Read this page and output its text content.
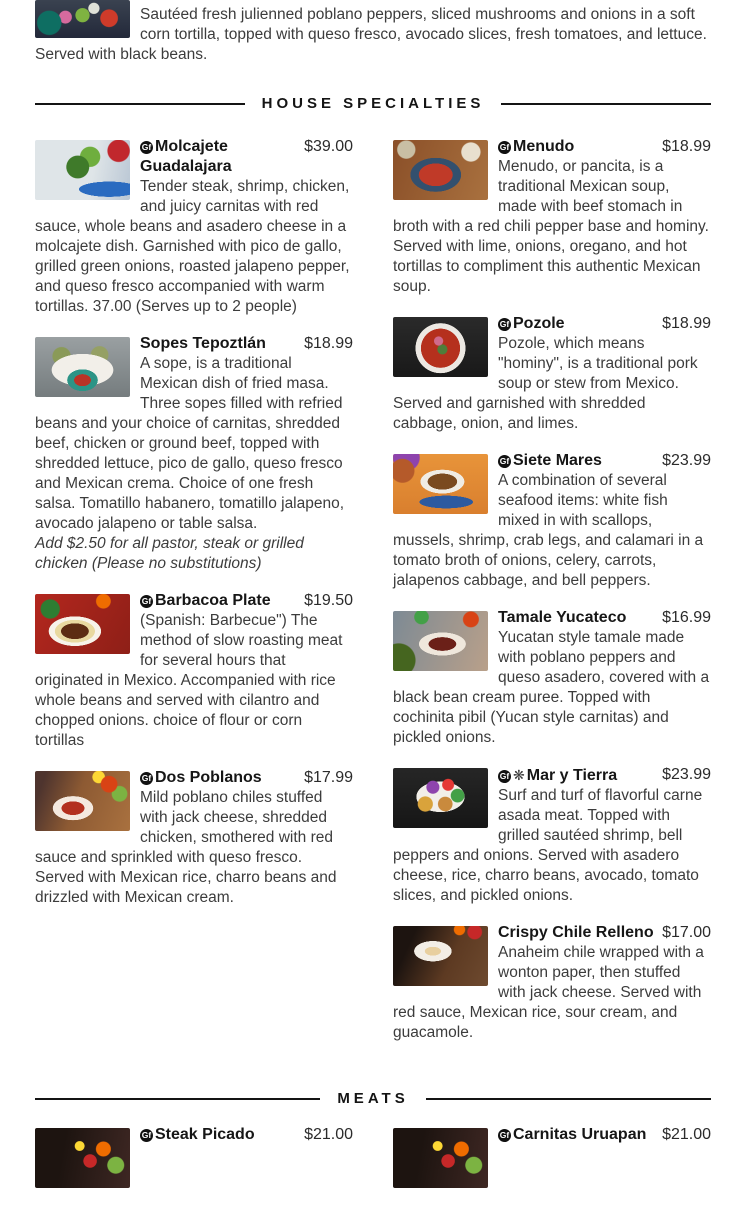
Sautéed fresh julienned poblano peppers, sliced mushrooms and onions in a soft corn tortilla, topped with queso fresco, avocado slices, fresh tomatoes, and lettuce. Served with black beans.

HOUSE SPECIALTIES
$39.00
Gf Molcajete Guadalajara

Tender steak, shrimp, chicken, and juicy carnitas with red sauce, whole beans and asadero cheese in a molcajete dish. Garnished with pico de gallo, grilled green onions, roasted jalapeno pepper, and queso fresco accompanied with warm tortillas. 37.00 (Serves up to 2 people)

$18.99
Sopes Tepoztlán

A sope, is a traditional Mexican dish of fried masa. Three sopes filled with refried beans and your choice of carnitas, shredded beef, chicken or ground beef, topped with shredded lettuce, pico de gallo, queso fresco and Mexican crema. Choice of one fresh salsa. Tomatillo habanero, tomatillo jalapeno, avocado jalapeno or table salsa.

Add $2.50 for all pastor, steak or grilled chicken (Please no substitutions)

$19.50
Gf Barbacoa Plate

(Spanish: Barbecue") The method of slow roasting meat for several hours that originated in Mexico. Accompanied with rice whole beans and served with cilantro and chopped onions. choice of flour or corn tortillas

$17.99
Gf Dos Poblanos

Mild poblano chiles stuffed with jack cheese, shredded chicken, smothered with red sauce and sprinkled with queso fresco. Served with Mexican rice, charro beans and drizzled with Mexican cream.

$18.99
Gf Menudo

Menudo, or pancita, is a traditional Mexican soup, made with beef stomach in broth with a red chili pepper base and hominy. Served with lime, onions, oregano, and hot tortillas to compliment this authentic Mexican soup.

$18.99
Gf Pozole

Pozole, which means "hominy", is a traditional pork soup or stew from Mexico. Served and garnished with shredded cabbage, onion, and limes.

$23.99
Gf Siete Mares

A combination of several seafood items: white fish mixed in with scallops, mussels, shrimp, crab legs, and calamari in a tomato broth of onions, celery, carrots, jalapenos cabbage, and bell peppers.

$16.99
Tamale Yucateco

Yucatan style tamale made with poblano peppers and queso asadero, covered with a black bean cream puree. Topped with cochinita pibil (Yucan style carnitas) and pickled onions.

$23.99
Gf ❋ Mar y Tierra

Surf and turf of flavorful carne asada meat. Topped with grilled sautéed shrimp, bell peppers and onions. Served with asadero cheese, rice, charro beans, avocado, tomato slices, and pickled onions.

$17.00
Crispy Chile Relleno

Anaheim chile wrapped with a wonton paper, then stuffed with jack cheese. Served with red sauce, Mexican rice, sour cream, and guacamole.

MEATS
$21.00
Gf Steak Picado	$21.00
Gf Carnitas Uruapan
